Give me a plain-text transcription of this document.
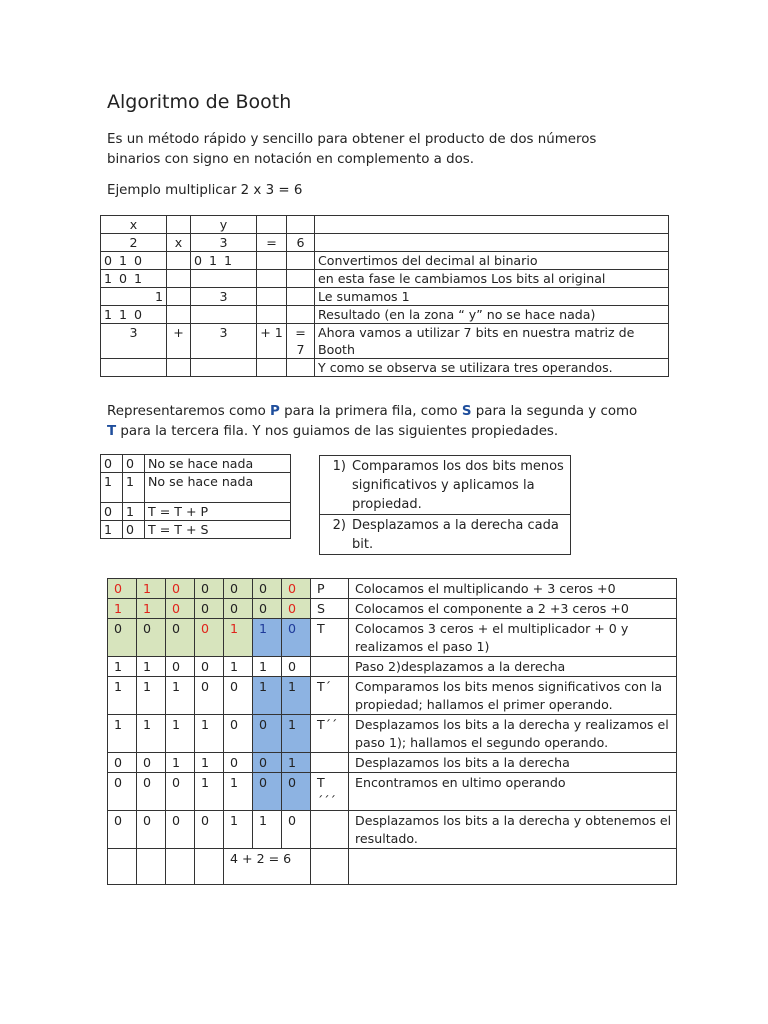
Algoritmo de Booth

Es un método rápido y sencillo para obtener el producto de dos números
binarios con signo en notación en complemento a dos.

Ejemplo multiplicar 2 x 3 = 6

x		y			
2	x	3	=	6	
0 1 0		0 1 1			Convertimos del decimal al binario
1 0 1					en esta fase le cambiamos Los bits al original
1		3			Le sumamos 1
1 1 0					Resultado (en la zona “ y” no se hace nada)
3	+	3	+ 1	= 7	Ahora vamos a utilizar 7 bits en nuestra matriz de Booth
					Y como se observa se utilizara tres operandos.

Representaremos como P para la primera fila, como S para la segunda y como
T para la tercera fila. Y nos guiamos de las siguientes propiedades.

0	0	No se hace nada
1	1	No se hace nada
0	1	T = T + P
1	0	T = T + S
1) Comparamos los dos bits menos significativos y aplicamos la propiedad.

2) Desplazamos a la derecha cada bit.
0	1	0	0	0	0	0	P	Colocamos el multiplicando + 3 ceros +0
1	1	0	0	0	0	0	S	Colocamos el componente a 2 +3 ceros +0
0	0	0	0	1	1	0	T	Colocamos 3 ceros + el multiplicador + 0 y realizamos el paso 1)
1	1	0	0	1	1	0		Paso 2)desplazamos a la derecha
1	1	1	0	0	1	1	T´	Comparamos los bits menos significativos con la propiedad; hallamos el primer operando.
1	1	1	1	0	0	1	T´´	Desplazamos los bits a la derecha y realizamos el paso 1); hallamos el segundo operando.
0	0	1	1	0	0	1		Desplazamos los bits a la derecha
0	0	0	1	1	0	0	T ´´´	Encontramos en ultimo operando
0	0	0	0	1	1	0		Desplazamos los bits a la derecha y obtenemos el resultado.
				4 + 2 = 6				
